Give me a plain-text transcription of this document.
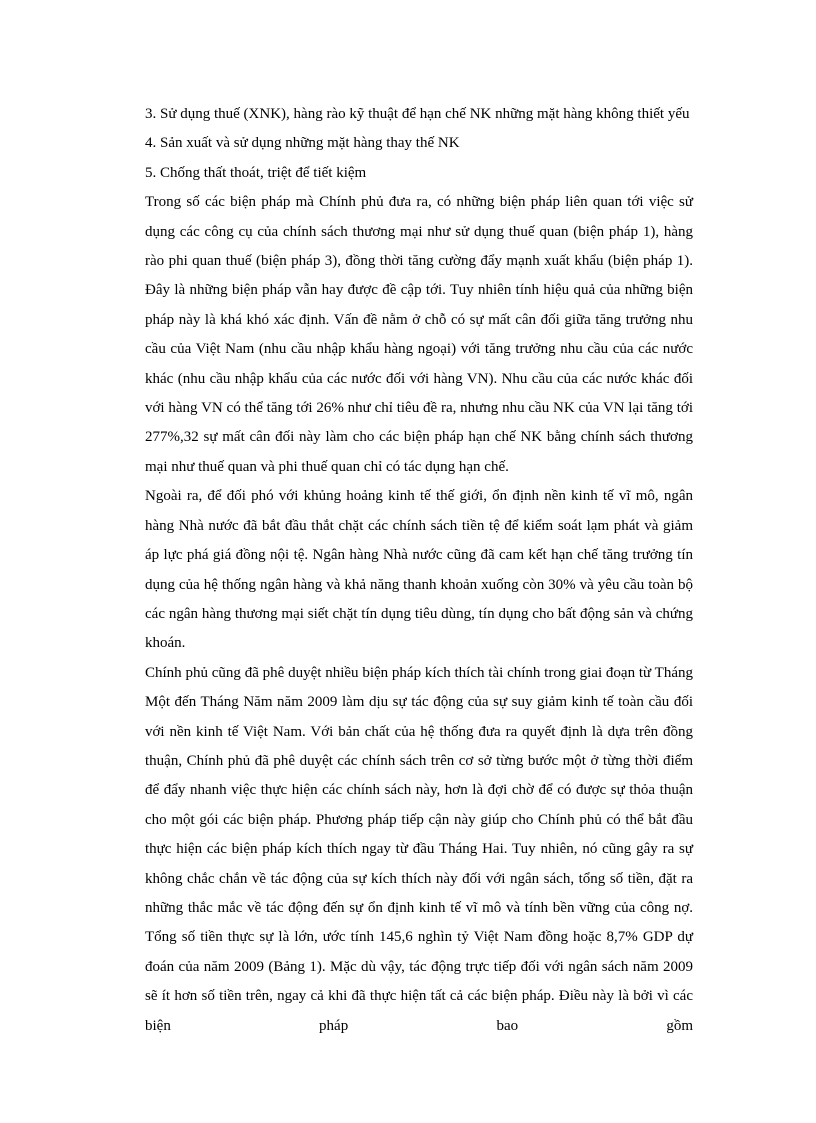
3. Sử dụng thuế (XNK), hàng rào kỹ thuật để hạn chế NK những mặt hàng không thiết yếu

4. Sản xuất và sử dụng những mặt hàng thay thế NK

5. Chống thất thoát, triệt để tiết kiệm

Trong số các biện pháp mà Chính phủ đưa ra, có những biện pháp liên quan tới việc sử dụng các công cụ của chính sách thương mại như sử dụng thuế quan (biện pháp 1), hàng rào phi quan thuế (biện pháp 3), đồng thời tăng cường đẩy mạnh xuất khẩu (biện pháp 1). Đây là những biện pháp vẫn hay được đề cập tới. Tuy nhiên tính hiệu quả của những biện pháp này là khá khó xác định. Vấn đề nằm ở chỗ có sự mất cân đối giữa tăng trưởng nhu cầu của Việt Nam (nhu cầu nhập khẩu hàng ngoại) với tăng trưởng nhu cầu của các nước khác (nhu cầu nhập khẩu của các nước đối với hàng VN). Nhu cầu của các nước khác đối với hàng VN có thể tăng tới 26% như chỉ tiêu đề ra, nhưng nhu cầu NK của VN lại tăng tới 277%,32 sự mất cân đối này làm cho các biện pháp hạn chế NK bằng chính sách thương mại như thuế quan và phi thuế quan chỉ có tác dụng hạn chế.

Ngoài ra, để đối phó với khủng hoảng kinh tế thế giới, ổn định nền kinh tế vĩ mô, ngân hàng Nhà nước đã bắt đầu thắt chặt các chính sách tiền tệ để kiểm soát lạm phát và giảm áp lực phá giá đồng nội tệ. Ngân hàng Nhà nước cũng đã cam kết hạn chế tăng trưởng tín dụng của hệ thống ngân hàng và khả năng thanh khoản xuống còn 30% và yêu cầu toàn bộ các ngân hàng thương mại siết chặt tín dụng tiêu dùng, tín dụng cho bất động sản và chứng khoán.

Chính phủ cũng đã phê duyệt nhiều biện pháp kích thích tài chính trong giai đoạn từ Tháng Một đến Tháng Năm năm 2009 làm dịu sự tác động của sự suy giảm kinh tế toàn cầu đối với nền kinh tế Việt Nam. Với bản chất của hệ thống đưa ra quyết định là dựa trên đồng thuận, Chính phủ đã phê duyệt các chính sách trên cơ sở từng bước một ở từng thời điểm để đẩy nhanh việc thực hiện các chính sách này, hơn là đợi chờ để có được sự thỏa thuận cho một gói các biện pháp. Phương pháp tiếp cận này giúp cho Chính phủ có thể bắt đầu thực hiện các biện pháp kích thích ngay từ đầu Tháng Hai. Tuy nhiên, nó cũng gây ra sự không chắc chắn về tác động của sự kích thích này đối với ngân sách, tổng số tiền, đặt ra những thắc mắc về tác động đến sự ổn định kinh tế vĩ mô và tính bền vững của công nợ. Tổng số tiền thực sự là lớn, ước tính 145,6 nghìn tỷ Việt Nam đồng hoặc 8,7% GDP dự đoán của năm 2009 (Bảng 1). Mặc dù vậy, tác động trực tiếp đối với ngân sách năm 2009 sẽ ít hơn số tiền trên, ngay cả khi đã thực hiện tất cả các biện pháp. Điều này là bởi vì các biện pháp bao gồm
